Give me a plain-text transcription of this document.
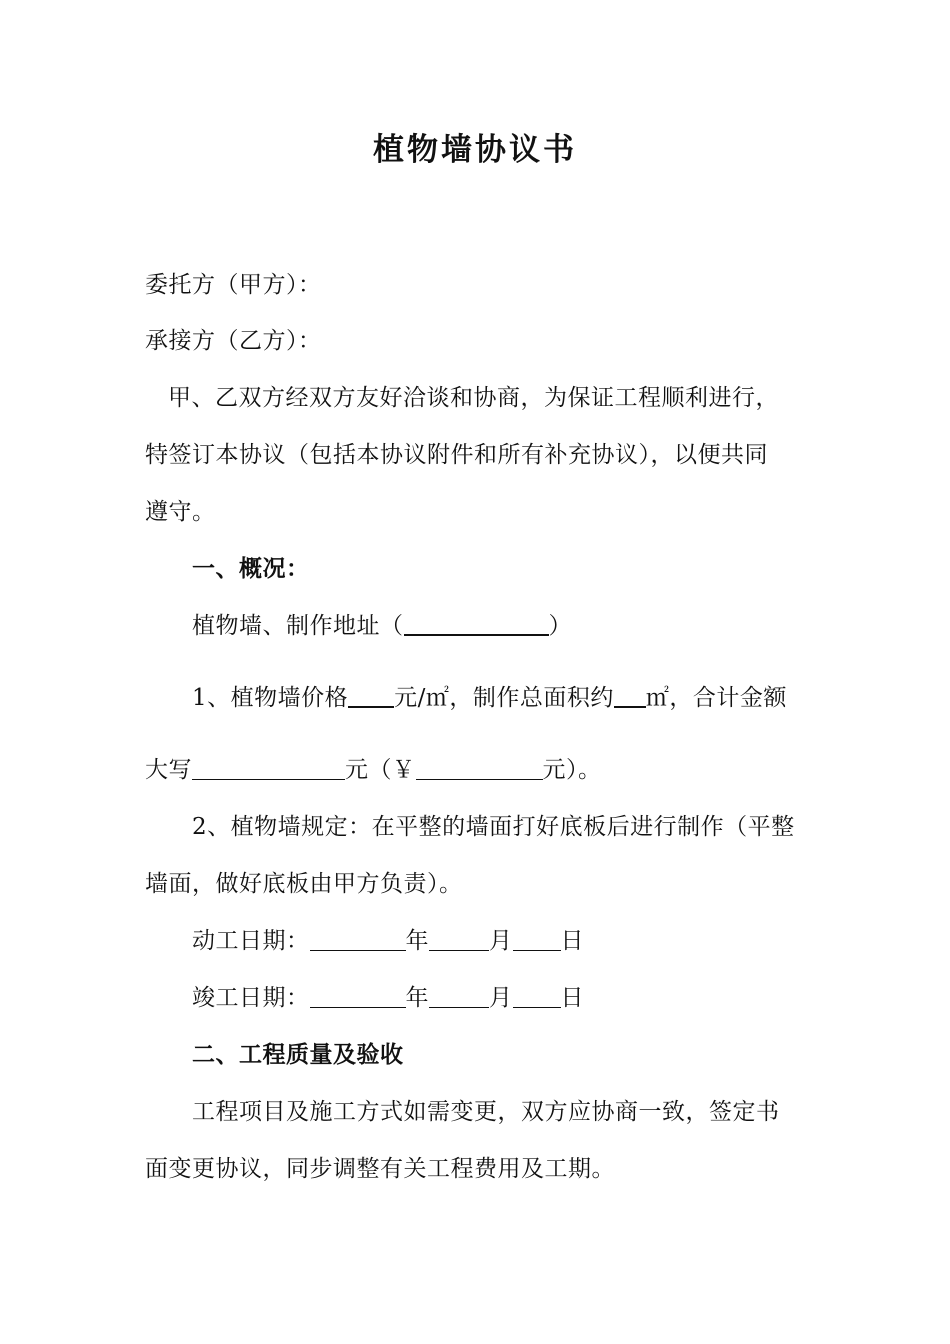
植物墙协议书
委托方（甲方）：
承接方（乙方）：
甲、乙双方经双方友好洽谈和协商，为保证工程顺利进行，
特签订本协议（包括本协议附件和所有补充协议），以便共同
遵守。
一、概况：
植物墙、制作地址（	）
1、植物墙价格 元/㎡，制作总面积约 ㎡，合计金额
大写	元（￥	元）。
2、植物墙规定：在平整的墙面打好底板后进行制作（平整
墙面，做好底板由甲方负责）。
动工日期：	年	月 日
竣工日期：	年	月 日
二、工程质量及验收
工程项目及施工方式如需变更，双方应协商一致，签定书
面变更协议，同步调整有关工程费用及工期。
